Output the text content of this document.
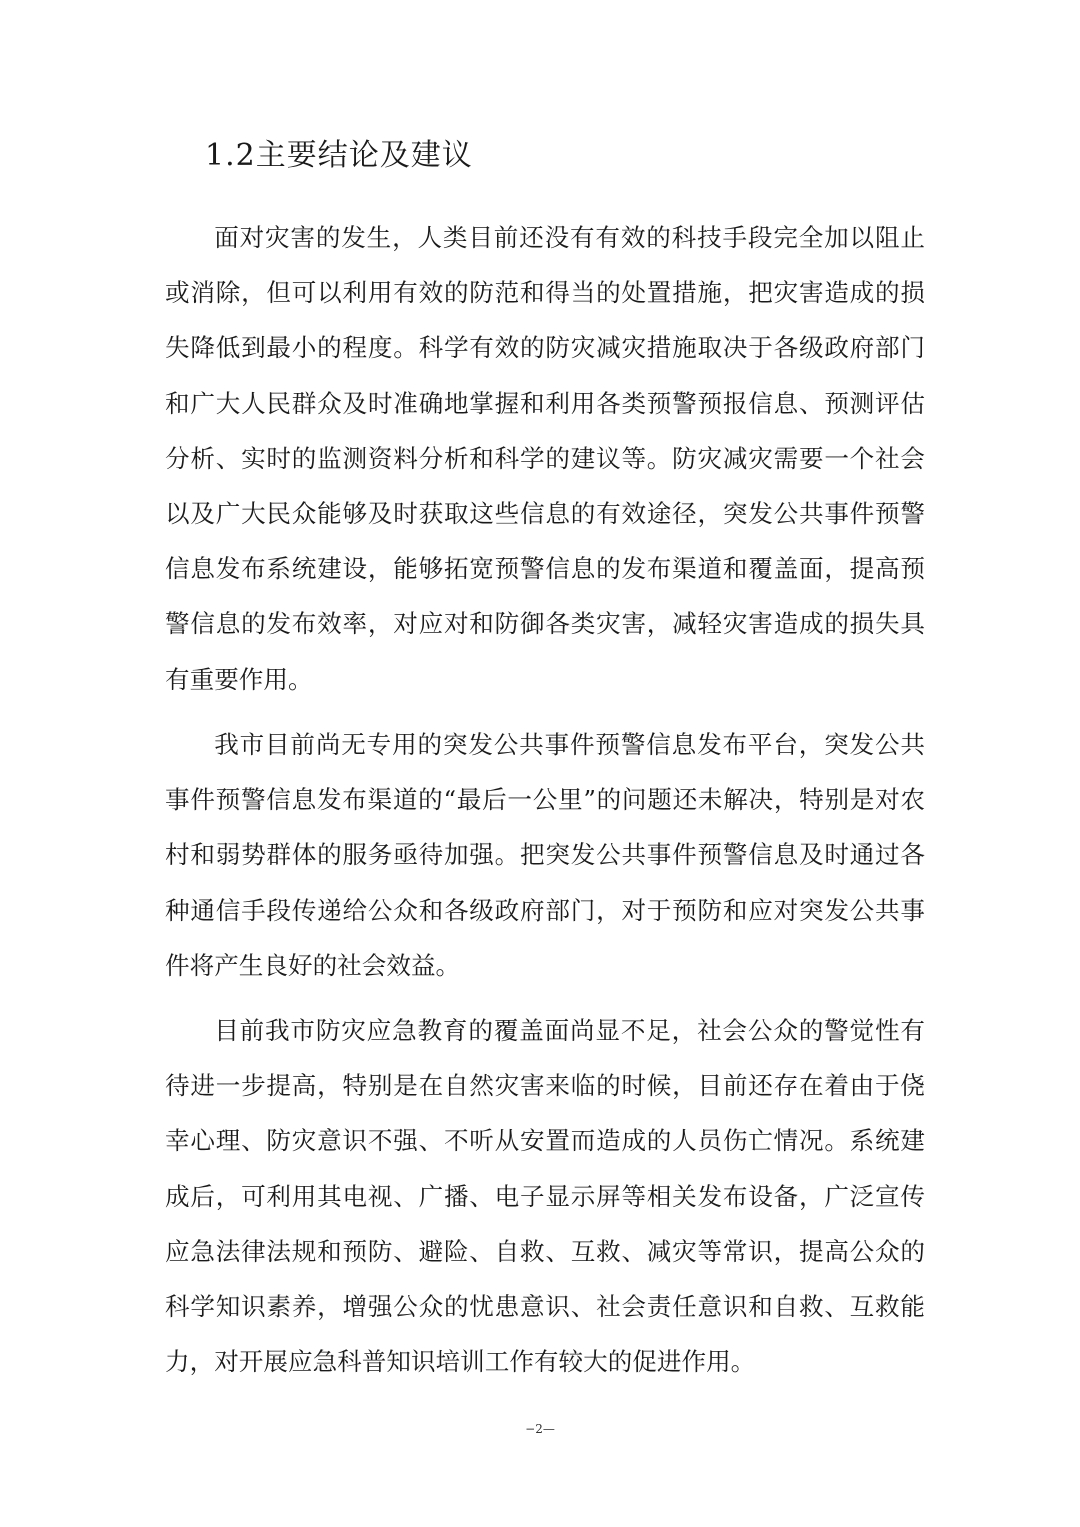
1.2主要结论及建议

面对灾害的发生，人类目前还没有有效的科技手段完全加以阻止或消除，但可以利用有效的防范和得当的处置措施，把灾害造成的损失降低到最小的程度。科学有效的防灾减灾措施取决于各级政府部门和广大人民群众及时准确地掌握和利用各类预警预报信息、预测评估分析、实时的监测资料分析和科学的建议等。防灾减灾需要一个社会以及广大民众能够及时获取这些信息的有效途径，突发公共事件预警信息发布系统建设，能够拓宽预警信息的发布渠道和覆盖面，提高预警信息的发布效率，对应对和防御各类灾害，减轻灾害造成的损失具有重要作用。

我市目前尚无专用的突发公共事件预警信息发布平台，突发公共事件预警信息发布渠道的“最后一公里”的问题还未解决，特别是对农村和弱势群体的服务亟待加强。把突发公共事件预警信息及时通过各种通信手段传递给公众和各级政府部门，对于预防和应对突发公共事件将产生良好的社会效益。

目前我市防灾应急教育的覆盖面尚显不足，社会公众的警觉性有待进一步提高，特别是在自然灾害来临的时候，目前还存在着由于侥幸心理、防灾意识不强、不听从安置而造成的人员伤亡情况。系统建成后，可利用其电视、广播、电子显示屏等相关发布设备，广泛宣传应急法律法规和预防、避险、自救、互救、减灾等常识，提高公众的科学知识素养，增强公众的忧患意识、社会责任意识和自救、互救能力，对开展应急科普知识培训工作有较大的促进作用。

−2—
